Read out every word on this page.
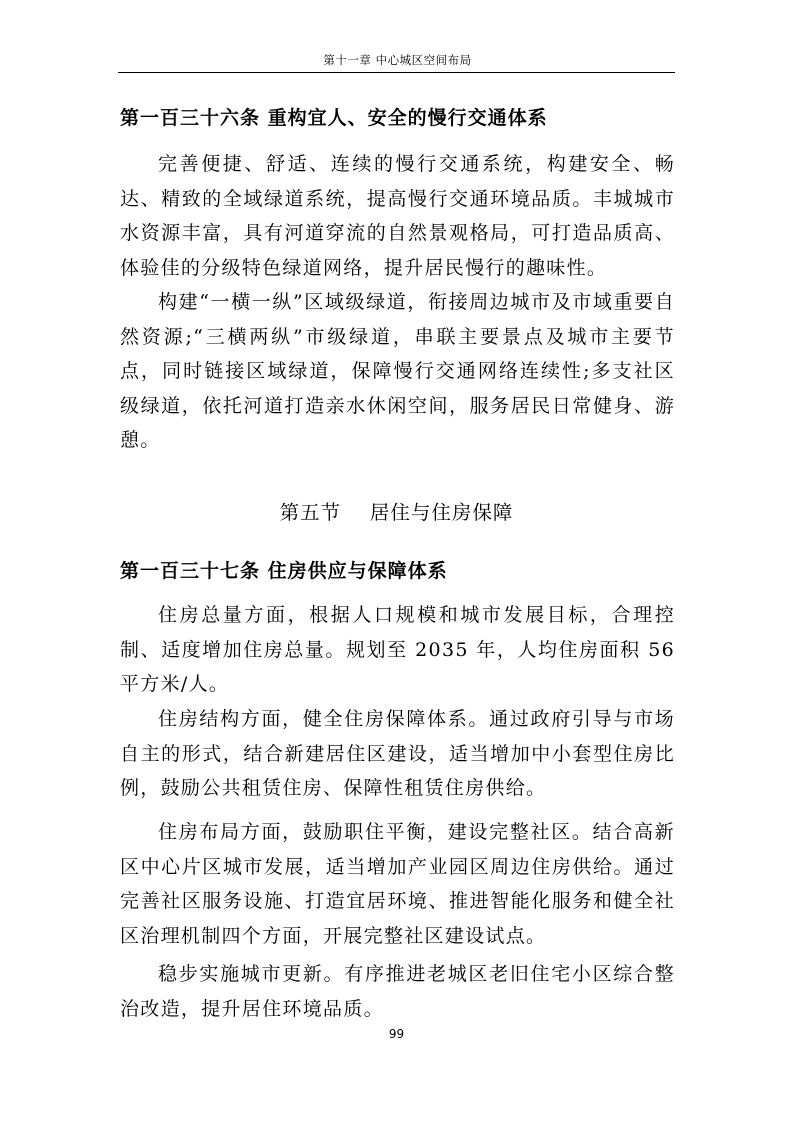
第十一章 中心城区空间布局
第一百三十六条 重构宜人、安全的慢行交通体系

完善便捷、舒适、连续的慢行交通系统，构建安全、畅达、精致的全域绿道系统，提高慢行交通环境品质。丰城城市水资源丰富，具有河道穿流的自然景观格局，可打造品质高、体验佳的分级特色绿道网络，提升居民慢行的趣味性。

构建“一横一纵”区域级绿道，衔接周边城市及市域重要自然资源;“三横两纵”市级绿道，串联主要景点及城市主要节点，同时链接区域绿道，保障慢行交通网络连续性;多支社区级绿道，依托河道打造亲水休闲空间，服务居民日常健身、游憩。

第五节    居住与住房保障
第一百三十七条 住房供应与保障体系

住房总量方面，根据人口规模和城市发展目标，合理控制、适度增加住房总量。规划至 2035 年，人均住房面积 56 平方米/人。

住房结构方面，健全住房保障体系。通过政府引导与市场自主的形式，结合新建居住区建设，适当增加中小套型住房比例，鼓励公共租赁住房、保障性租赁住房供给。

住房布局方面，鼓励职住平衡，建设完整社区。结合高新区中心片区城市发展，适当增加产业园区周边住房供给。通过完善社区服务设施、打造宜居环境、推进智能化服务和健全社区治理机制四个方面，开展完整社区建设试点。

稳步实施城市更新。有序推进老城区老旧住宅小区综合整治改造，提升居住环境品质。

99
